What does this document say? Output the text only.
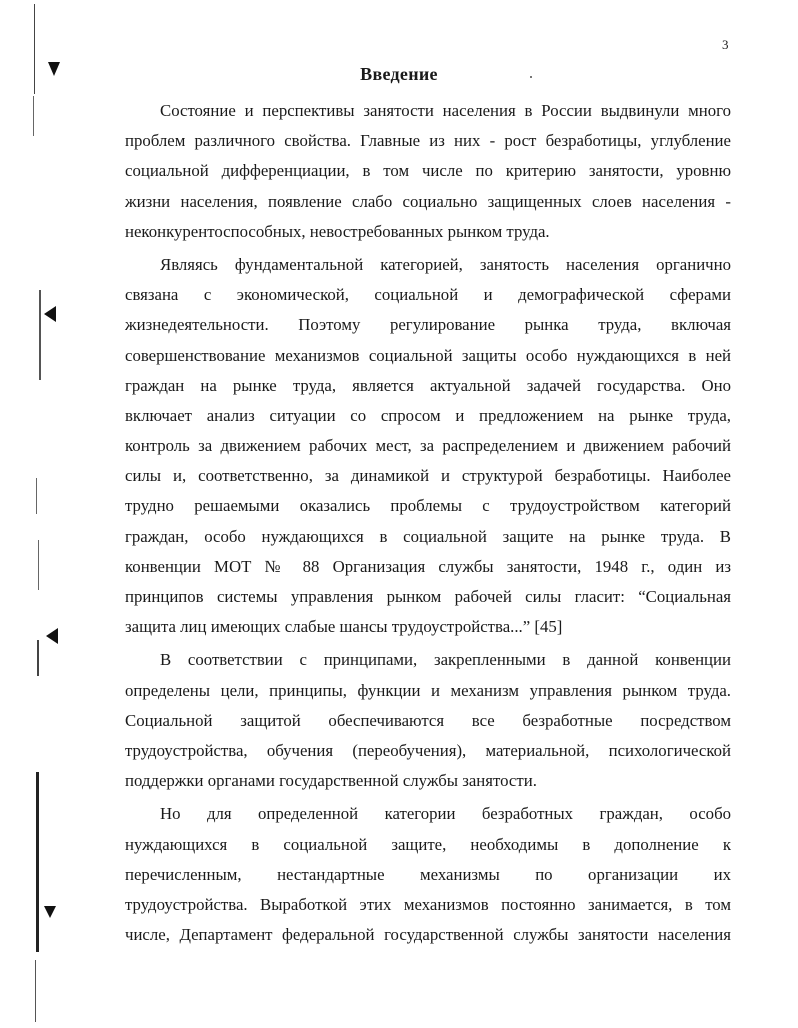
3
Введение
Состояние и перспективы занятости населения в России выдвинули много
проблем различного свойства. Главные из них - рост безработицы, углубление
социальной дифференциации, в том числе по критерию занятости, уровню
жизни населения, появление слабо социально защищенных слоев населения -
неконкурентоспособных, невостребованных рынком труда.
Являясь фундаментальной категорией, занятость населения органично
связана с экономической, социальной и демографической сферами
жизнедеятельности. Поэтому регулирование рынка труда, включая
совершенствование механизмов социальной защиты особо нуждающихся в ней
граждан на рынке труда, является актуальной задачей государства. Оно
включает анализ ситуации со спросом и предложением на рынке труда,
контроль за движением рабочих мест, за распределением и движением рабочий
силы и, соответственно, за динамикой и структурой безработицы. Наиболее
трудно решаемыми оказались проблемы с трудоустройством категорий
граждан, особо нуждающихся в социальной защите на рынке труда. В
конвенции МОТ № 88 Организация службы занятости, 1948 г., один из
принципов системы управления рынком рабочей силы гласит: “Социальная
защита лиц имеющих слабые шансы трудоустройства...” [45]
В соответствии с принципами, закрепленными в данной конвенции
определены цели, принципы, функции и механизм управления рынком труда.
Социальной защитой обеспечиваются все безработные посредством
трудоустройства, обучения (переобучения), материальной, психологической
поддержки органами государственной службы занятости.
Но для определенной категории безработных граждан, особо
нуждающихся в социальной защите, необходимы в дополнение к
перечисленным, нестандартные механизмы по организации их
трудоустройства. Выработкой этих механизмов постоянно занимается, в том
числе, Департамент федеральной государственной службы занятости населения
